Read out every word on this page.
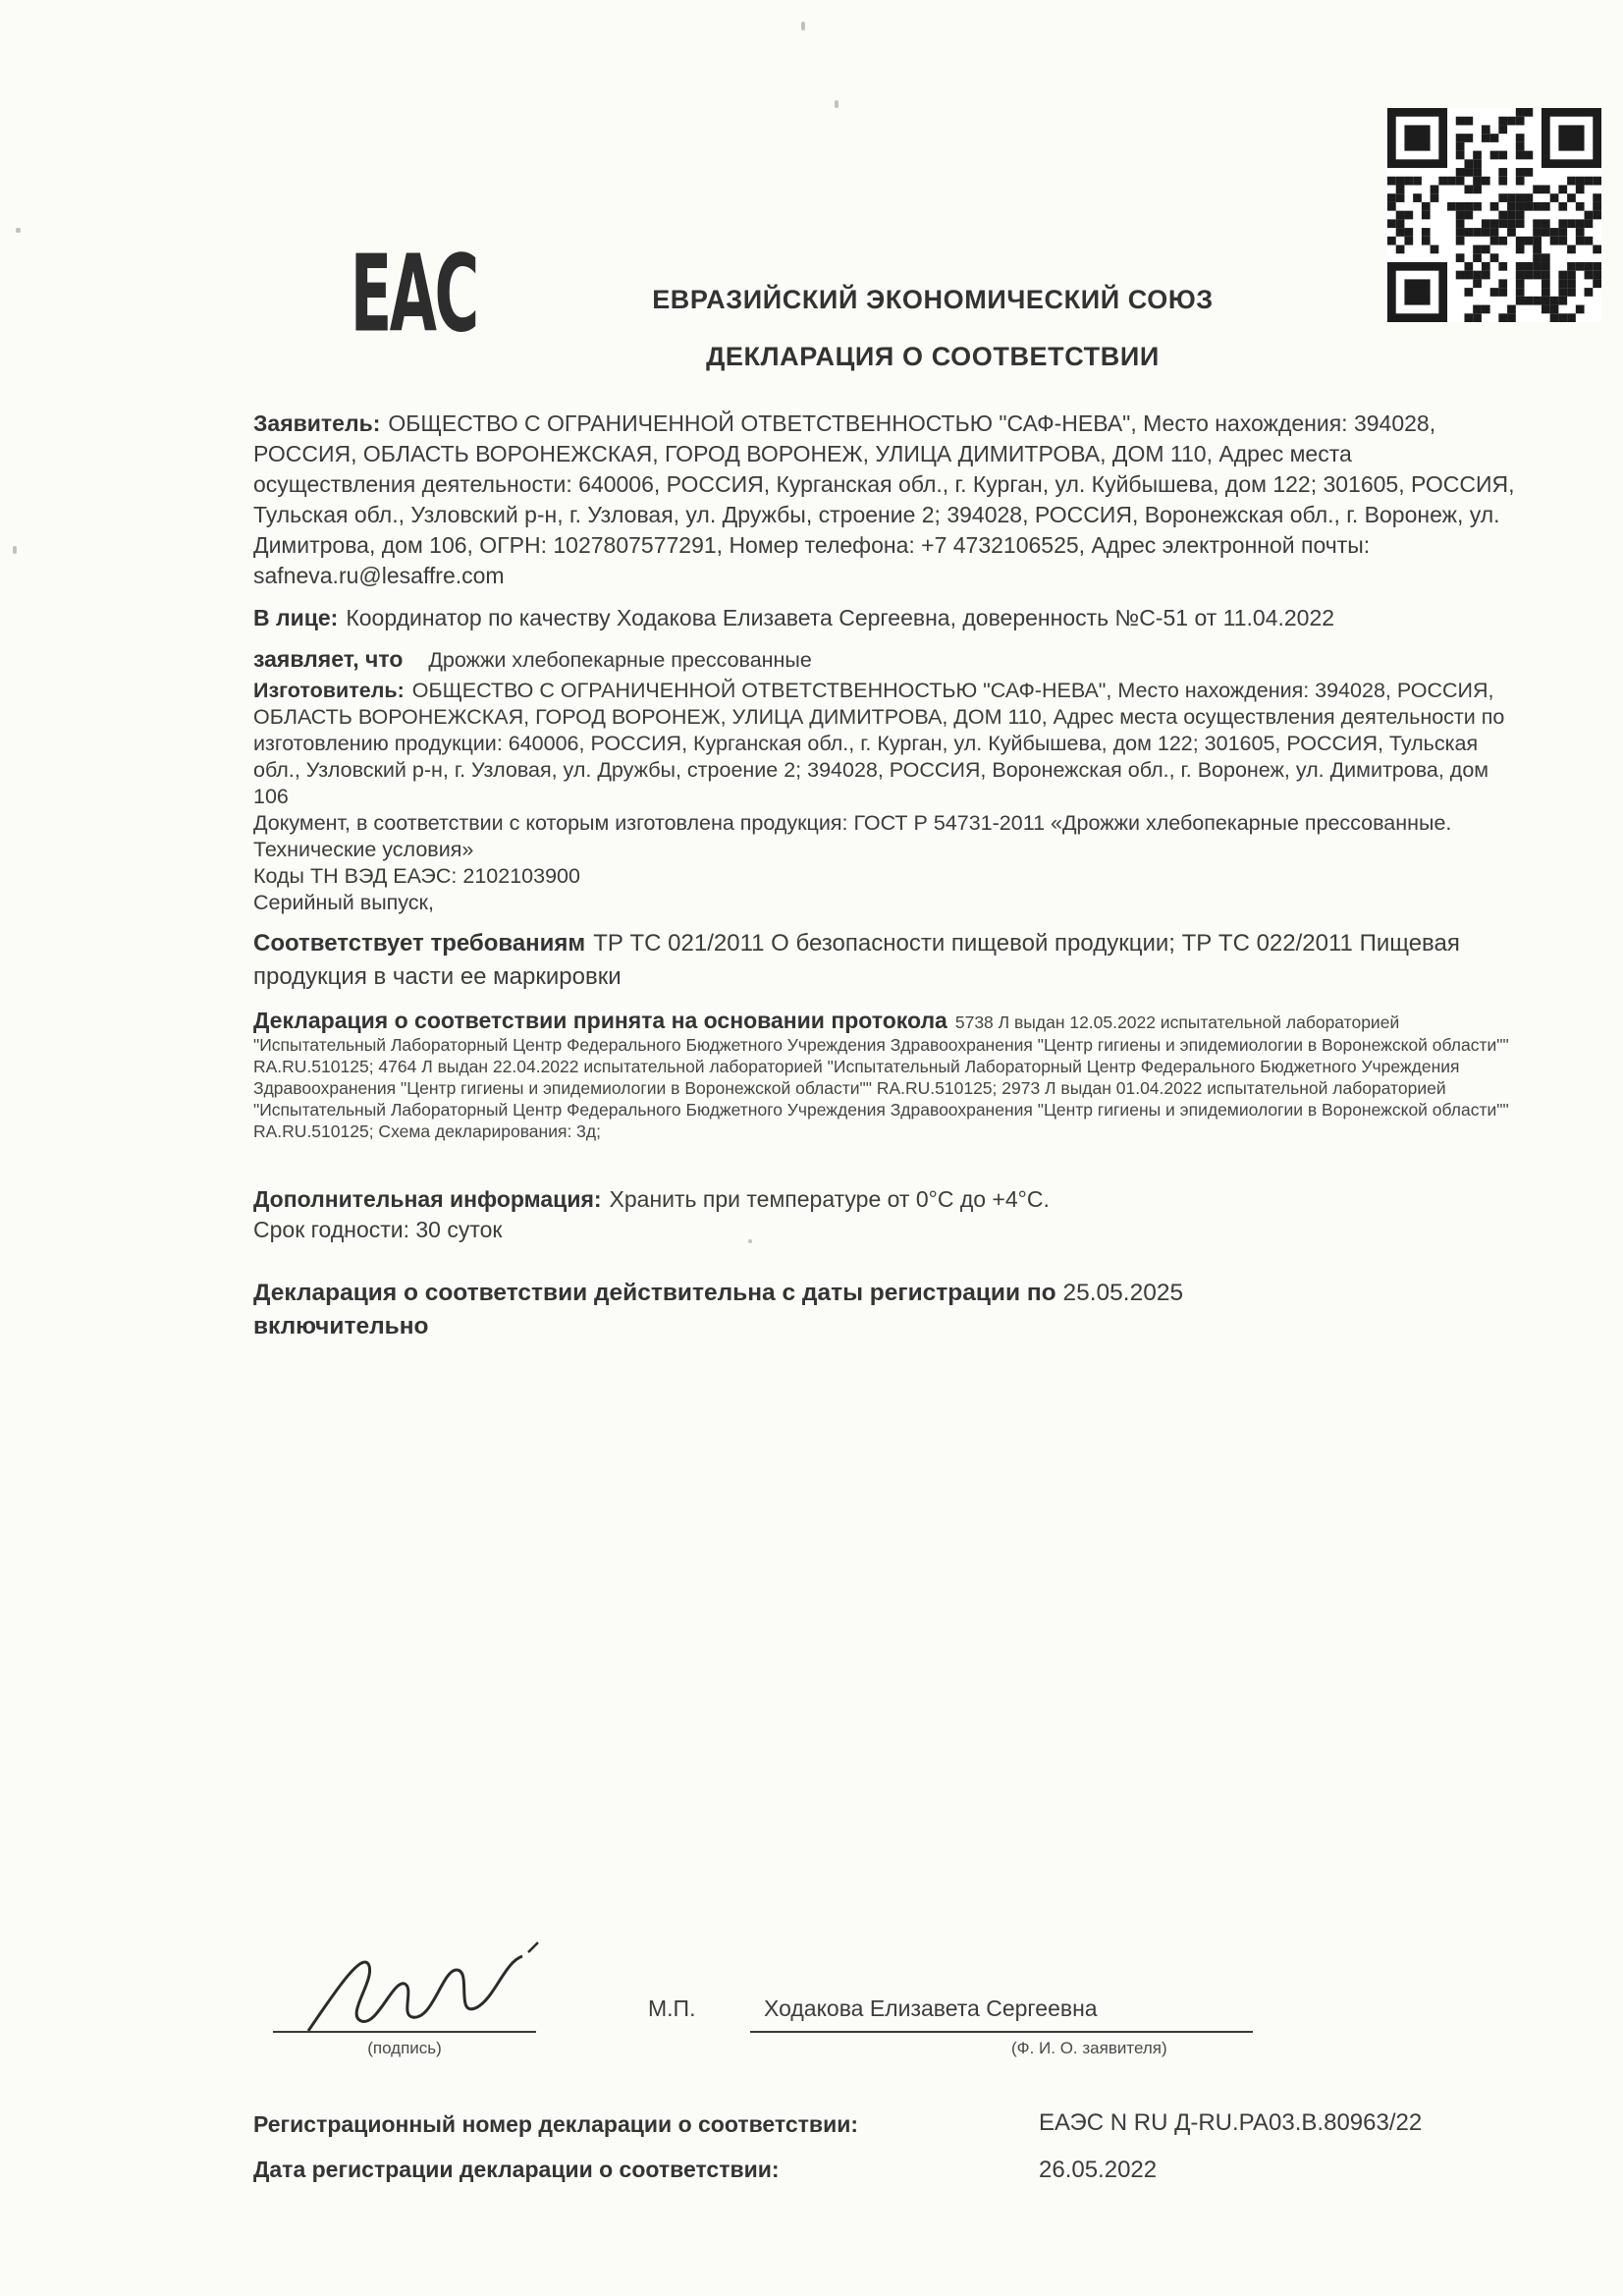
ЕАС	ЕВРАЗИЙСКИЙ ЭКОНОМИЧЕСКИЙ СОЮЗ
ДЕКЛАРАЦИЯ О СООТВЕТСТВИИ

Заявитель: ОБЩЕСТВО С ОГРАНИЧЕННОЙ ОТВЕТСТВЕННОСТЬЮ "САФ-НЕВА", Место нахождения: 394028, РОССИЯ, ОБЛАСТЬ ВОРОНЕЖСКАЯ, ГОРОД ВОРОНЕЖ, УЛИЦА ДИМИТРОВА, ДОМ 110, Адрес места осуществления деятельности: 640006, РОССИЯ, Курганская обл., г. Курган, ул. Куйбышева, дом 122; 301605, РОССИЯ, Тульская обл., Узловский р-н, г. Узловая, ул. Дружбы, строение 2; 394028, РОССИЯ, Воронежская обл., г. Воронеж, ул. Димитрова, дом 106, ОГРН: 1027807577291, Номер телефона: +7 4732106525, Адрес электронной почты: safneva.ru@lesaffre.com

В лице: Координатор по качеству Ходакова Елизавета Сергеевна, доверенность №С-51 от 11.04.2022

заявляет, что Дрожжи хлебопекарные прессованные

Изготовитель: ОБЩЕСТВО С ОГРАНИЧЕННОЙ ОТВЕТСТВЕННОСТЬЮ "САФ-НЕВА", Место нахождения: 394028, РОССИЯ, ОБЛАСТЬ ВОРОНЕЖСКАЯ, ГОРОД ВОРОНЕЖ, УЛИЦА ДИМИТРОВА, ДОМ 110, Адрес места осуществления деятельности по изготовлению продукции: 640006, РОССИЯ, Курганская обл., г. Курган, ул. Куйбышева, дом 122; 301605, РОССИЯ, Тульская обл., Узловский р-н, г. Узловая, ул. Дружбы, строение 2; 394028, РОССИЯ, Воронежская обл., г. Воронеж, ул. Димитрова, дом 106

Документ, в соответствии с которым изготовлена продукция: ГОСТ Р 54731-2011 «Дрожжи хлебопекарные прессованные. Технические условия»

Коды ТН ВЭД ЕАЭС: 2102103900

Серийный выпуск,

Соответствует требованиям ТР ТС 021/2011 О безопасности пищевой продукции; ТР ТС 022/2011 Пищевая продукция в части ее маркировки

Декларация о соответствии принята на основании протокола 5738 Л выдан 12.05.2022 испытательной лабораторией "Испытательный Лабораторный Центр Федерального Бюджетного Учреждения Здравоохранения "Центр гигиены и эпидемиологии в Воронежской области"" RA.RU.510125; 4764 Л выдан 22.04.2022 испытательной лабораторией "Испытательный Лабораторный Центр Федерального Бюджетного Учреждения Здравоохранения "Центр гигиены и эпидемиологии в Воронежской области"" RA.RU.510125; 2973 Л выдан 01.04.2022 испытательной лабораторией "Испытательный Лабораторный Центр Федерального Бюджетного Учреждения Здравоохранения "Центр гигиены и эпидемиологии в Воронежской области"" RA.RU.510125; Схема декларирования: 3д;

Дополнительная информация: Хранить при температуре от 0°С до +4°С.

Срок годности: 30 суток

Декларация о соответствии действительна с даты регистрации по 25.05.2025
включительно

(подпись)
М.П.	Ходакова Елизавета Сергеевна
(Ф. И. О. заявителя)
Регистрационный номер декларации о соответствии:	ЕАЭС N RU Д-RU.РА03.В.80963/22
Дата регистрации декларации о соответствии:	26.05.2022
